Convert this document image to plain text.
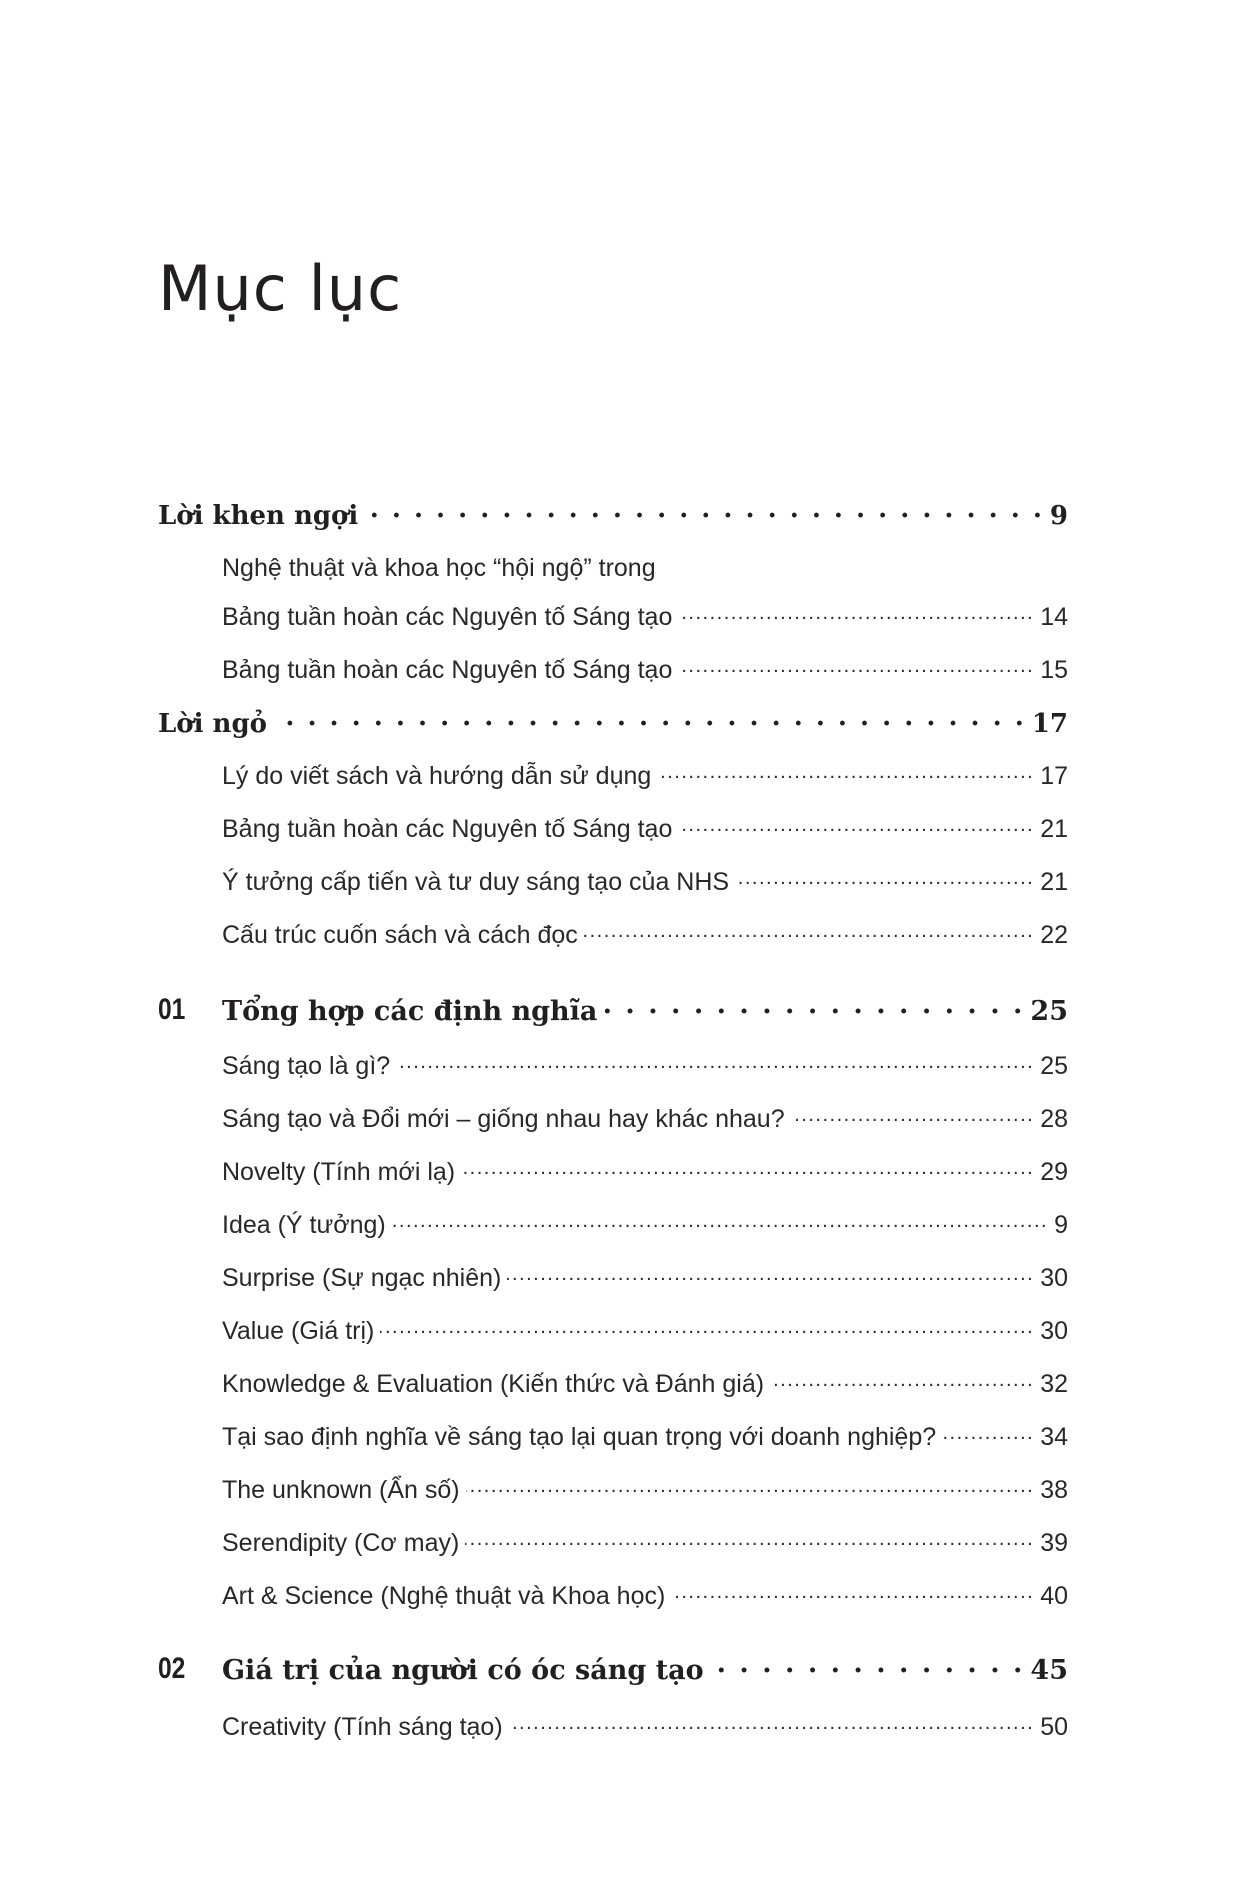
Mục lục
Lời khen ngợi . . .	9
Nghệ thuật và khoa học “hội ngộ” trong
Bảng tuần hoàn các Nguyên tố Sáng tạo .....	14
Bảng tuần hoàn các Nguyên tố Sáng tạo .....	15
Lời ngỏ . . .	17
Lý do viết sách và hướng dẫn sử dụng .....	17
Bảng tuần hoàn các Nguyên tố Sáng tạo .....	21
Ý tưởng cấp tiến và tư duy sáng tạo của NHS .....	21
Cấu trúc cuốn sách và cách đọc .....	22
01 Tổng hợp các định nghĩa . . .	25
Sáng tạo là gì? .....	25
Sáng tạo và Đổi mới – giống nhau hay khác nhau? .....	28
Novelty (Tính mới lạ) .....	29
Idea (Ý tưởng) .....	9
Surprise (Sự ngạc nhiên) .....	30
Value (Giá trị) .....	30
Knowledge & Evaluation (Kiến thức và Đánh giá) .....	32
Tại sao định nghĩa về sáng tạo lại quan trọng với doanh nghiệp? .....	34
The unknown (Ẩn số) .....	38
Serendipity (Cơ may) .....	39
Art & Science (Nghệ thuật và Khoa học) .....	40
02 Giá trị của người có óc sáng tạo . . .	45
Creativity (Tính sáng tạo) .....	50
